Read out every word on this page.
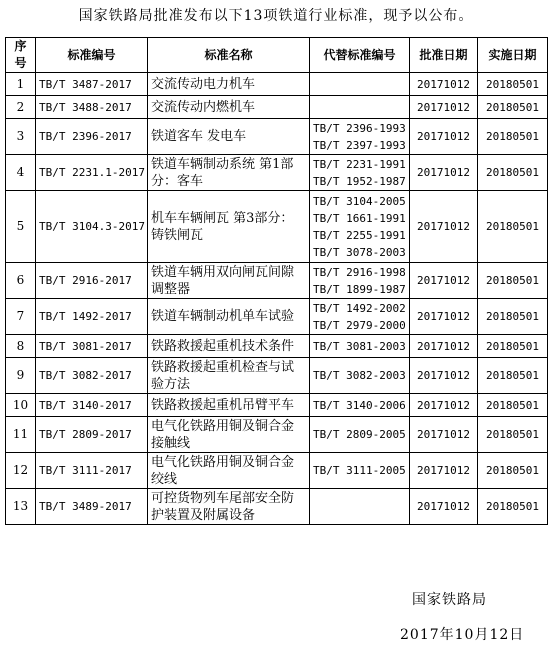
国家铁路局批准发布以下13项铁道行业标准，现予以公布。
序号	标准编号	标准名称	代替标准编号	批准日期	实施日期
1	TB/T 3487-2017	交流传动电力机车		20171012	20180501
2	TB/T 3488-2017	交流传动内燃机车		20171012	20180501
3	TB/T 2396-2017	铁道客车 发电车	TB/T 2396-1993
TB/T 2397-1993	20171012	20180501
4	TB/T 2231.1-2017	铁道车辆制动系统 第1部分：客车	TB/T 2231-1991
TB/T 1952-1987	20171012	20180501
5	TB/T 3104.3-2017	机车车辆闸瓦 第3部分：铸铁闸瓦	TB/T 3104-2005
TB/T 1661-1991
TB/T 2255-1991
TB/T 3078-2003	20171012	20180501
6	TB/T 2916-2017	铁道车辆用双向闸瓦间隙调整器	TB/T 2916-1998
TB/T 1899-1987	20171012	20180501
7	TB/T 1492-2017	铁道车辆制动机单车试验	TB/T 1492-2002
TB/T 2979-2000	20171012	20180501
8	TB/T 3081-2017	铁路救援起重机技术条件	TB/T 3081-2003	20171012	20180501
9	TB/T 3082-2017	铁路救援起重机检查与试验方法	TB/T 3082-2003	20171012	20180501
10	TB/T 3140-2017	铁路救援起重机吊臂平车	TB/T 3140-2006	20171012	20180501
11	TB/T 2809-2017	电气化铁路用铜及铜合金接触线	TB/T 2809-2005	20171012	20180501
12	TB/T 3111-2017	电气化铁路用铜及铜合金绞线	TB/T 3111-2005	20171012	20180501
13	TB/T 3489-2017	可控货物列车尾部安全防护装置及附属设备		20171012	20180501
国家铁路局
2017年10月12日
